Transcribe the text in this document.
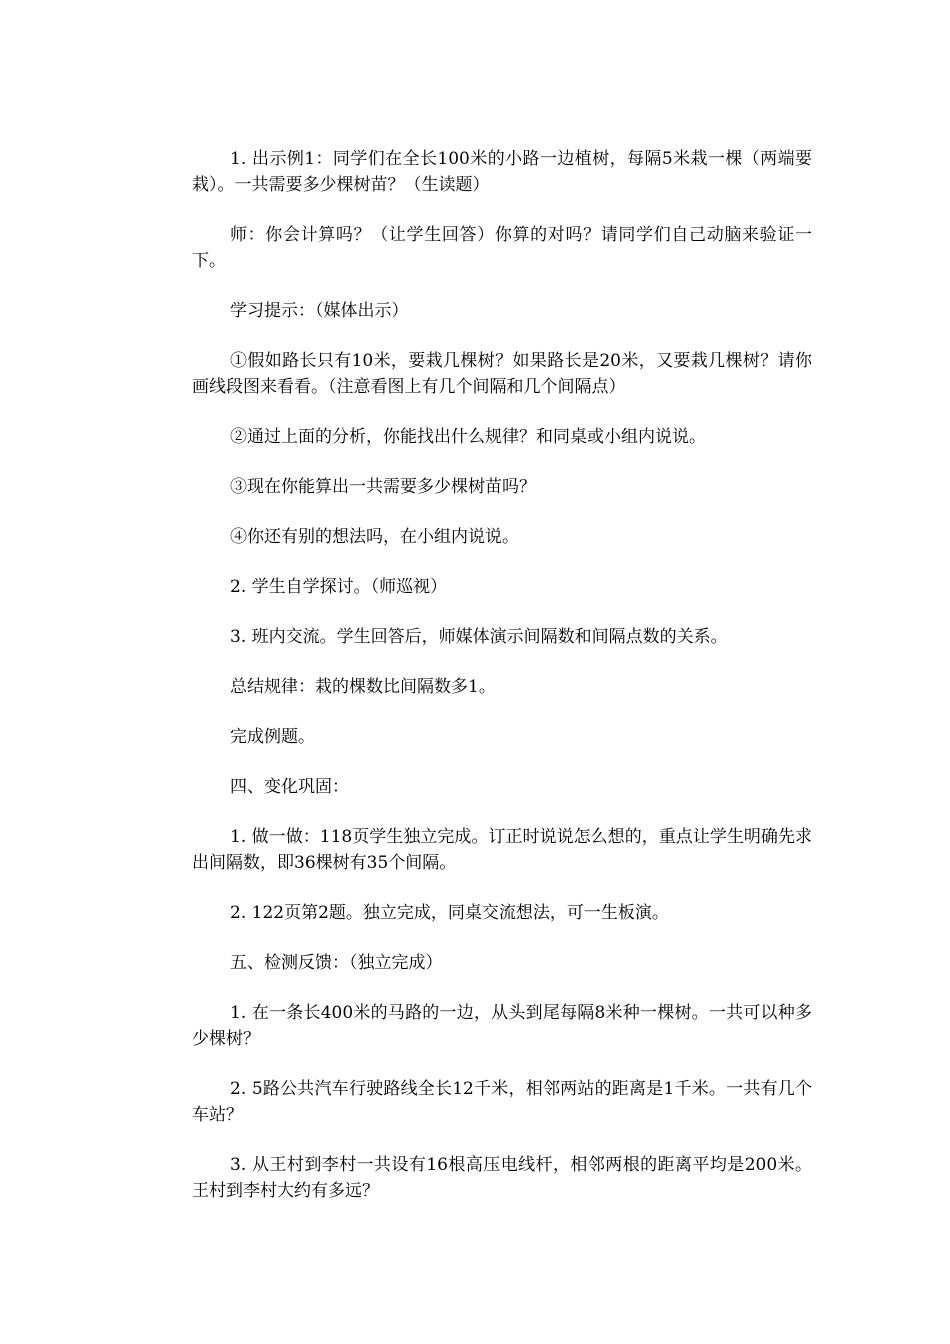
1. 出示例1：同学们在全长100米的小路一边植树，每隔5米栽一棵（两端要栽）。一共需要多少棵树苗？（生读题）

师：你会计算吗？（让学生回答）你算的对吗？请同学们自己动脑来验证一下。

学习提示：（媒体出示）

①假如路长只有10米，要栽几棵树？如果路长是20米，又要栽几棵树？请你画线段图来看看。（注意看图上有几个间隔和几个间隔点）

②通过上面的分析，你能找出什么规律？和同桌或小组内说说。

③现在你能算出一共需要多少棵树苗吗？

④你还有别的想法吗，在小组内说说。

2. 学生自学探讨。（师巡视）

3. 班内交流。学生回答后，师媒体演示间隔数和间隔点数的关系。

总结规律：栽的棵数比间隔数多1。

完成例题。

四、变化巩固：

1. 做一做：118页学生独立完成。订正时说说怎么想的，重点让学生明确先求出间隔数，即36棵树有35个间隔。

2. 122页第2题。独立完成，同桌交流想法，可一生板演。

五、检测反馈：（独立完成）

1. 在一条长400米的马路的一边，从头到尾每隔8米种一棵树。一共可以种多少棵树？

2. 5路公共汽车行驶路线全长12千米，相邻两站的距离是1千米。一共有几个车站？

3. 从王村到李村一共设有16根高压电线杆，相邻两根的距离平均是200米。王村到李村大约有多远？
